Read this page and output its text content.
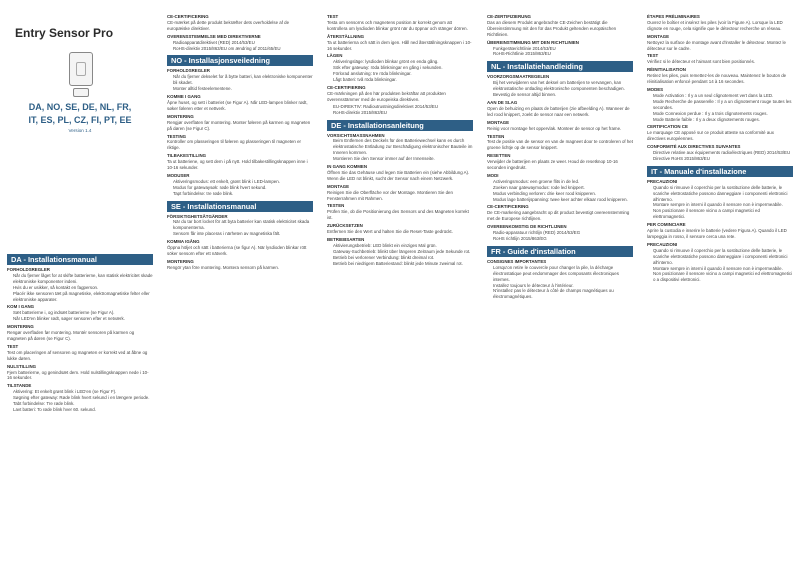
Entry Sensor Pro
DA, NO, SE, DE, NL, FR,
IT, ES, PL, CZ, FI, PT, EE
Version 1.4
DA - Installationsmanual
FORHOLDSREGLER
• Når du fjerner låget for at skifte batterierne, kan statisk elektricitet skade elektroniske komponenter indeni.
• Hvis du er usikker, så kontakt en fagperson.
• Placér ikke sensoren tæt på magnetiske, elektromagnetiske felter eller elektroniske apparater.
KOM I GANG
• Sæt batterierne i, og indsæt batterierne (se Figur A).
• Når LED'en blinker rødt, søger sensoren efter et netværk.
MONTERING
Rengør overfladen før montering. Montér sensoren på karmen og magneten på døren (se Figur C).
TEST
Test om placeringen af sensoren og magneten er korrekt ved at åbne og lukke døren.
NULSTILLING
Fjern batterierne, og genindsæt dem. Hold nulstillingsknappen nede i 10-16 sekunder.
TILSTANDE
• Aktivering: Et enkelt grønt blink i LED'en (se Figur F).
• Søgning efter gateway: Røde blink hvert sekund i en længere periode.
• Tabt forbindelse: Tre røde blink.
• Lavt batteri: To røde blink hver 60. sekund.
CE-CERTIFICERING
CE-mærket på dette produkt bekræfter dets overholdelse af de europæiske direktiver.
OVERENSSTEMMELSE MED DIREKTIVERNE
• Radioapparatdirektivet (RED) 2014/53/EU
• RoHS-direktiv 2015/863/EU om ændring af 2011/65/EU
NO - Installasjonsveiledning
FORHOLDSREGLER
• Når du fjerner dekselet for å bytte batteri, kan elektroniske komponenter bli skadet.
• Monter alltid festeelementene.
KOMME I GANG
Åpne huset, og sett i batteriet (se Figur A). Når LED-lampen blinker rødt, søker føleren etter et nettverk.
MONTERING
Rengjør overflaten før montering. Monter føleren på karmen og magneten på døren (se Figur C).
TESTING
Kontroller om plasseringen til føleren og plasseringen til magneten er riktige.
TILBAKESTILLING
Ta ut batteriene, og sett dem i på nytt. Hold tilbakestillingsknappen inne i 10-16 sekunder.
MODUSER
• Aktiveringsmodus: ett enkelt, grønt blink i LED-lampen.
• Modus for gatewaysøk: røde blink hvert sekund.
• Tapt forbindelse: tre røde blink.
SE - Installationsmanual
FÖRSIKTIGHETSÅTGÄRDER
• När du tar bort locket för att byta batterier kan statisk elektricitet skada komponenterna.
• Sensorn får inte placeras i närheten av magnetiska fält.
KOMMA IGÅNG
Öppna höljet och sätt i batterierna (se figur A). När lysdioden blinkar rött söker sensorn efter ett nätverk.
MONTERING
Rengör ytan före montering. Montera sensorn på karmen.
TEST
Testa om sensorns och magnetens position är korrekt genom att kontrollera om lysdioden blinkar grönt när du öppnar och stänger dörren.
ÅTERSTÄLLNING
Ta ut batterierna och sätt in dem igen. Håll ned återställningsknappen i 10-16 sekunder.
LÄGEN
• Aktiveringsläge: lysdioden blinkar grönt en enda gång.
• Sök efter gateway: röda blinkningar en gång i sekunden.
• Förlorad anslutning: tre röda blinkningar.
• Lågt batteri: två röda blinkningar.
CE-CERTIFIERING
CE-märkningen på den här produkten bekräftar att produkten överensstämmer med de europeiska direktiven.
• EU-DIREKTIV: Radioutrustningsdirektivet 2014/53/EU
• RoHS-direktiv 2015/863/EU
DE - Installationsanleitung
VORSICHTSMASSNAHMEN
• Beim Entfernen des Deckels für den Batteriewechsel kann es durch elektrostatische Entladung zur Beschädigung elektronischer Bauteile im Inneren kommen.
• Montieren Sie den Sensor immer auf der Innenseite.
IN GANG KOMMEN
Öffnen Sie das Gehäuse und legen Sie Batterien ein (siehe Abbildung A). Wenn die LED rot blinkt, sucht der Sensor nach einem Netzwerk.
MONTAGE
Reinigen Sie die Oberfläche vor der Montage. Montieren Sie den Fensterrahmen mit Rahmen.
TESTEN
Prüfen Sie, ob die Positionierung des Sensors und des Magneten korrekt ist.
ZURÜCKSETZEN
Entfernen Sie den Wert und halten Sie die Reset-Taste gedrückt.
BETRIEBSARTEN
• Aktivierungsbetrieb: LED blinkt ein einziges Mal grün.
• Gateway-Suchbetrieb: blinkt über längeren Zeitraum jede Sekunde rot.
• Betrieb bei verlorener Verbindung: blinkt dreimal rot.
• Betrieb bei niedrigem Batteriestand: blinkt jede Minute zweimal rot.
CE-ZERTIFIZIERUNG
Das an diesem Produkt angebrachte CE-Zeichen bestätigt die Übereinstimmung mit den für das Produkt geltenden europäischen Richtlinien.
ÜBEREINSTIMMUNG MIT DEN RICHTLINIEN
• Funkgeräterichtlinie 2014/53/EU
• RoHS-Richtlinie 2015/863/EU
NL - Installatiehandleiding
VOORZORGSMAATREGELEN
• Bij het verwijderen van het deksel om batterijen te vervangen, kan elektrostatische ontlading elektronische componenten beschadigen.
• Bevestig de sensor altijd binnen.
AAN DE SLAG
Open de behuizing en plaats de batterijen (zie afbeelding A). Wanneer de led rood knippert, zoekt de sensor naar een netwerk.
MONTAGE
Reinig voor montage het oppervlak. Monteer de sensor op het frame.
TESTEN
Test de positie van de sensor en van de magneet door te controleren of het groene lichtje op de sensor knippert.
RESETTEN
Verwijder de batterijen en plaats ze weer. Houd de resetknop 10-16 seconden ingedrukt.
MODI
• Activeringsmodus: een groene flits in de led.
• Zoeken naar gatewaymodus: rode led knippert.
• Modus verbinding verloren: drie keer rood knipperen.
• Modus lage batterijspanning: twee keer achter elkaar rood knipperen.
CE-CERTIFICERING
De CE-markering aangebracht op dit product bevestigt overeenstemming met de Europese richtlijnen.
OVEREENKOMSTIG DE RICHTLIJNEN
• Radio-apparatuur richtlijn (RED) 2014/53/EG
• RoHS richtlijn 2015/863/EG
FR - Guide d'installation
CONSIGNES IMPORTANTES
• Lorsqu'on retire le couvercle pour changer la pile, la décharge électrostatique peut endommager des composants électroniques internes.
• Installez toujours le détecteur à l'intérieur.
• N'installez pas le détecteur à côté de champs magnétiques ou électromagnétiques.
ÉTAPES PRÉLIMINAIRES
Ouvrez le boîtier et insérez les piles (voir la Figure A). Lorsque la LED clignote en rouge, cela signifie que le détecteur recherche un réseau.
MONTAGE
Nettoyez la surface de montage avant d'installer le détecteur. Montez le détecteur sur le cadre.
TEST
Vérifiez si le détecteur et l'aimant sont bien positionnés.
RÉINITIALISATION
Retirez les piles, puis remettez-les de nouveau. Maintenez le bouton de réinitialisation enfoncé pendant 14 à 16 secondes.
MODES
• Mode Activation : Il y a un seul clignotement vert dans la LED.
• Mode Recherche de passerelle : Il y a un clignotement rouge toutes les secondes.
• Mode Connexion perdue : Il y a trois clignotements rouges.
• Mode Batterie faible : Il y a deux clignotements rouges.
CERTIFICATION CE
Le marquage CE apposé sur ce produit atteste sa conformité aux directives européennes.
CONFORMITÉ AUX DIRECTIVES SUIVANTES
• Directive relative aux équipements radioélectriques (RED) 2014/53/EU
• Directive RoHS 2015/863/EU
IT - Manuale d'installazione
PRECAUZIONI
• Quando si rimuove il coperchio per la sostituzione delle batterie, le scariche elettrostatiche possono danneggiare i componenti elettronici all'interno.
• Montare sempre in interni il quando il sensore non è impermeabile.
• Non posizionare il sensore vicino a campi magnetici ed elettromagnetici.
PER COMINCIARE
Aprire la custodia e inserire le batterie (vedere Figura A). Quando il LED lampeggia in rosso, il sensore cerca una rete.
PRECAUZIONI
• Quando si rimuove il coperchio per la sostituzione delle batterie, le scariche elettrostatiche possono danneggiare i componenti elettronici all'interno.
• Montare sempre in interni il quando il sensore non è impermeabile.
• Non posizionare il sensore vicino a campi magnetici ed elettromagnetici o a dispositivi elettronici.
